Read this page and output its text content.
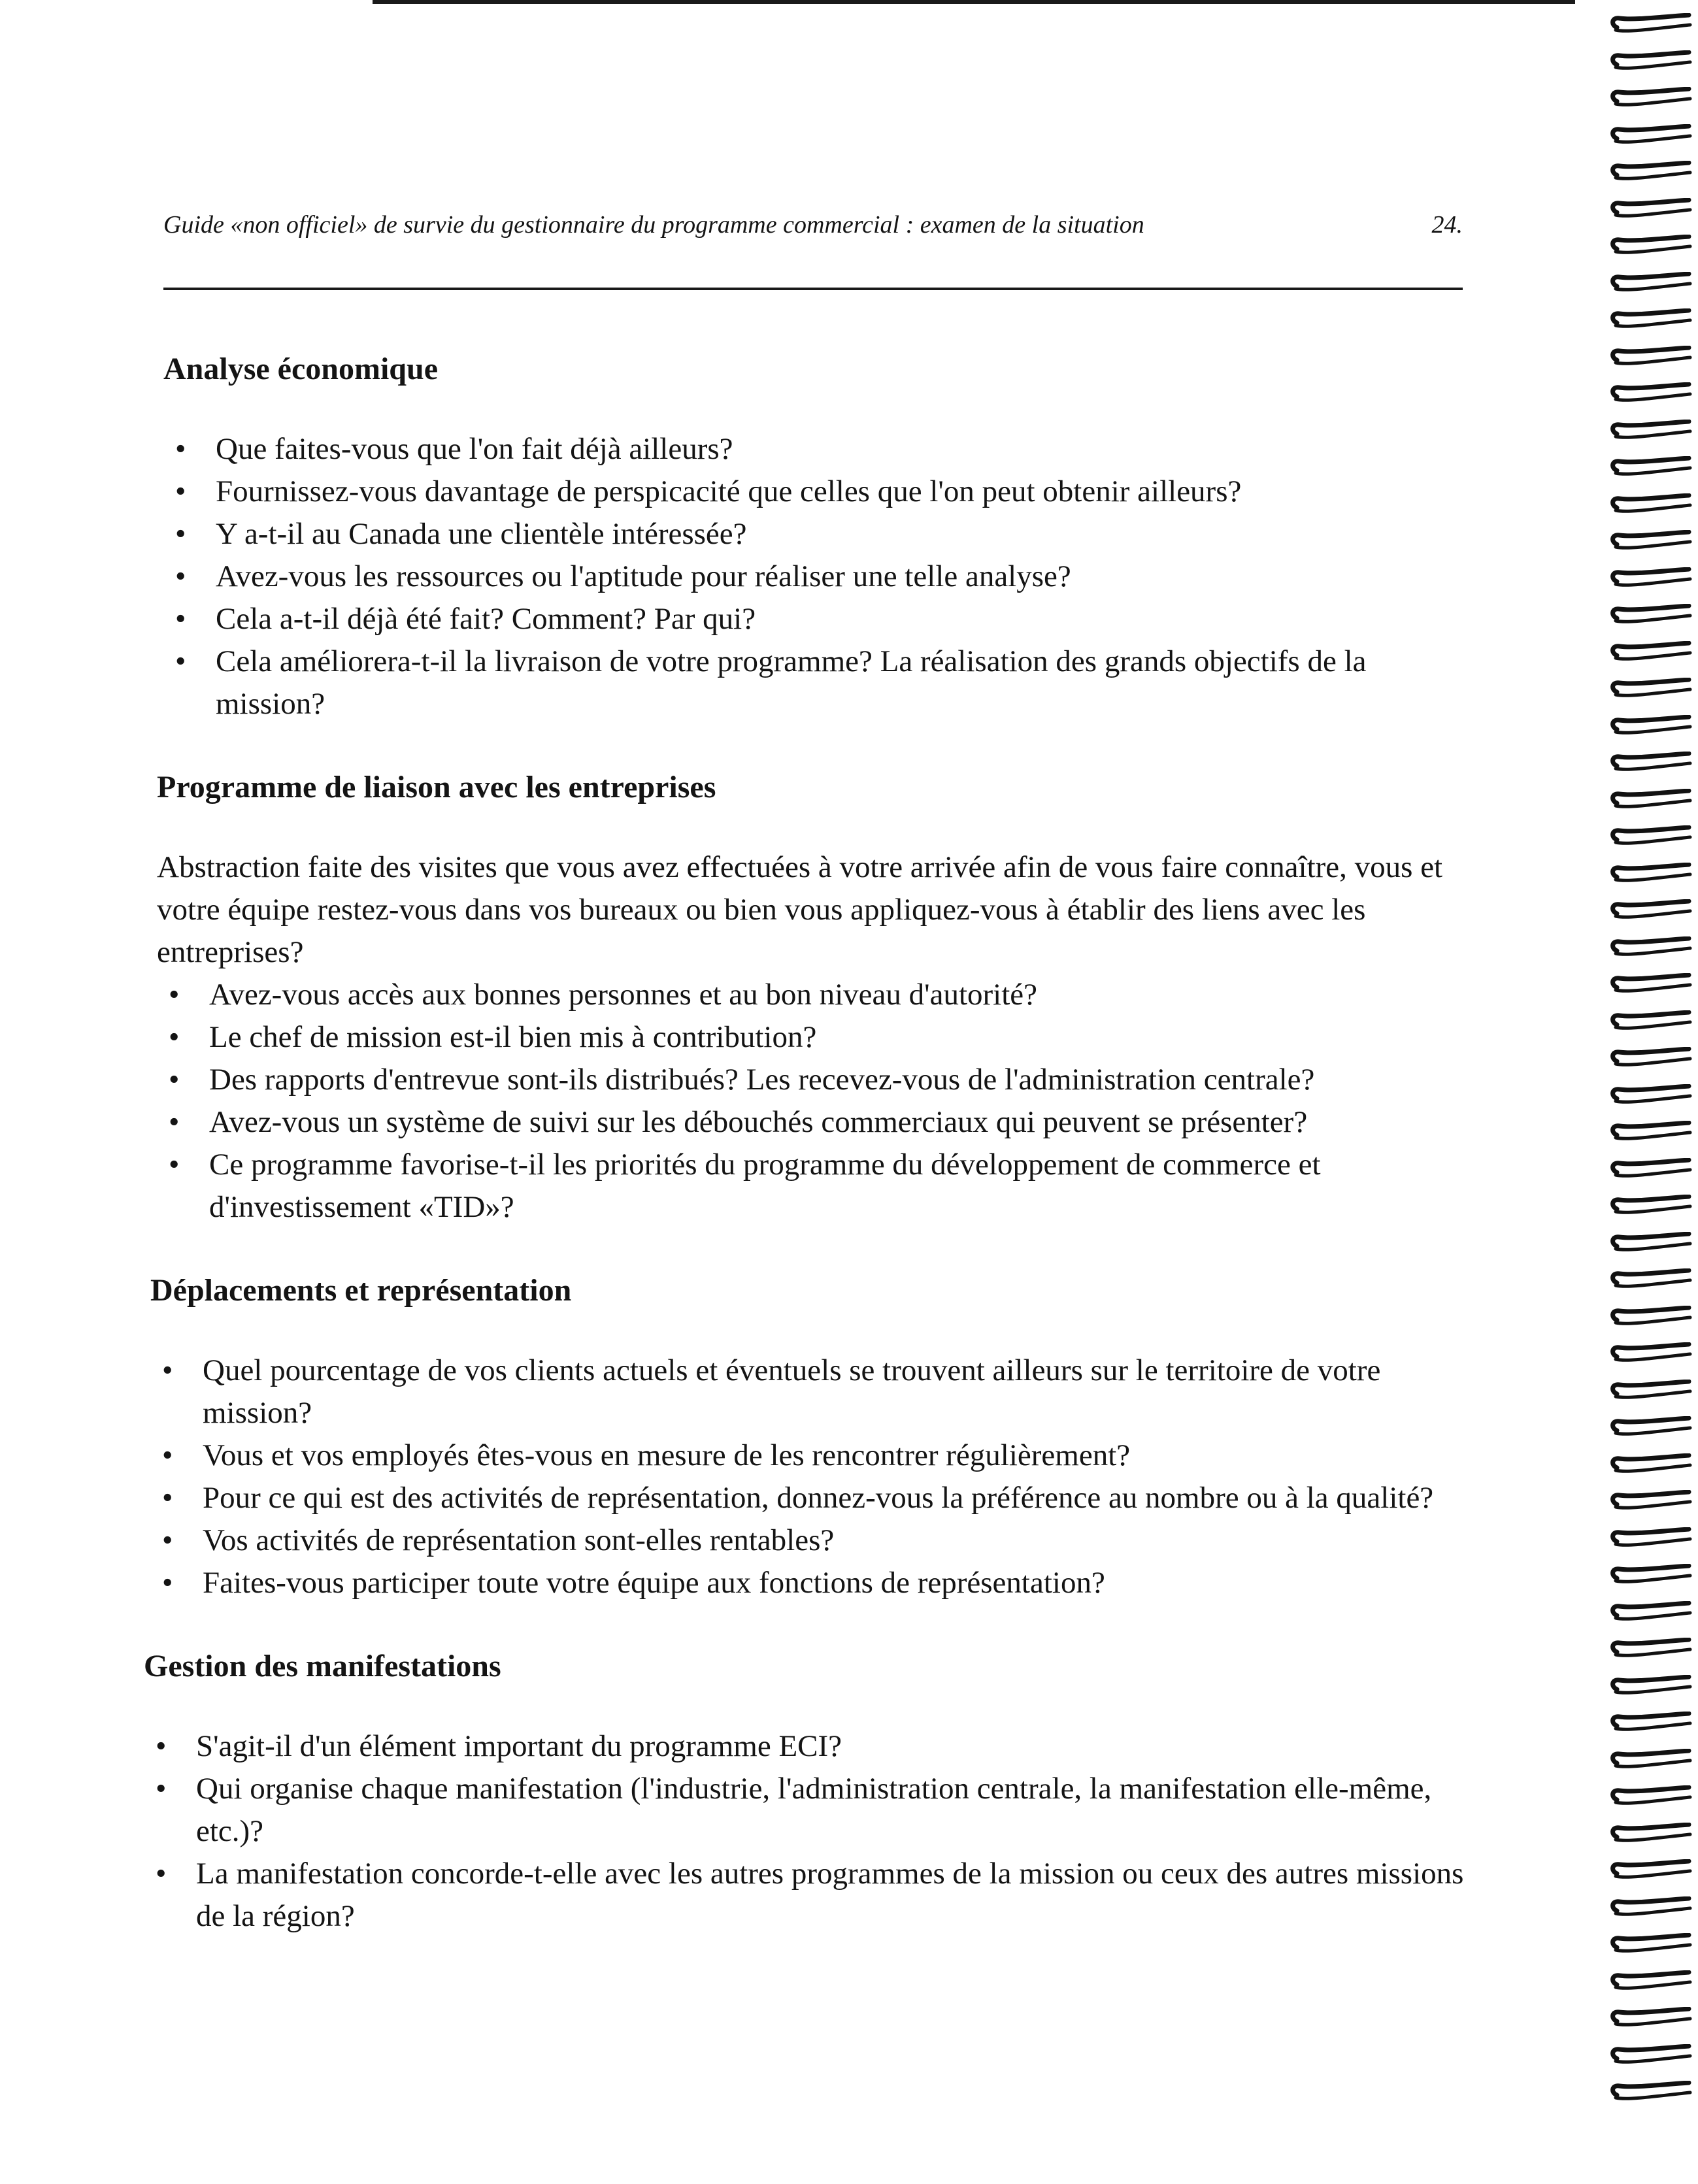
Guide «non officiel» de survie du gestionnaire du programme commercial : examen de la situation	24.
Analyse économique
• Que faites-vous que l'on fait déjà ailleurs?
• Fournissez-vous davantage de perspicacité que celles que l'on peut obtenir ailleurs?
• Y a-t-il au Canada une clientèle intéressée?
• Avez-vous les ressources ou l'aptitude pour réaliser une telle analyse?
• Cela a-t-il déjà été fait? Comment? Par qui?
• Cela améliorera-t-il la livraison de votre programme? La réalisation des grands objectifs de la mission?
Programme de liaison avec les entreprises

Abstraction faite des visites que vous avez effectuées à votre arrivée afin de vous faire connaître, vous et votre équipe restez-vous dans vos bureaux ou bien vous appliquez-vous à établir des liens avec les entreprises?

• Avez-vous accès aux bonnes personnes et au bon niveau d'autorité?
• Le chef de mission est-il bien mis à contribution?
• Des rapports d'entrevue sont-ils distribués? Les recevez-vous de l'administration centrale?
• Avez-vous un système de suivi sur les débouchés commerciaux qui peuvent se présenter?
• Ce programme favorise-t-il les priorités du programme du développement de commerce et d'investissement «TID»?
Déplacements et représentation
• Quel pourcentage de vos clients actuels et éventuels se trouvent ailleurs sur le territoire de votre mission?
• Vous et vos employés êtes-vous en mesure de les rencontrer régulièrement?
• Pour ce qui est des activités de représentation, donnez-vous la préférence au nombre ou à la qualité?
• Vos activités de représentation sont-elles rentables?
• Faites-vous participer toute votre équipe aux fonctions de représentation?
Gestion des manifestations
• S'agit-il d'un élément important du programme ECI?
• Qui organise chaque manifestation (l'industrie, l'administration centrale, la manifestation elle-même, etc.)?
• La manifestation concorde-t-elle avec les autres programmes de la mission ou ceux des autres missions de la région?
